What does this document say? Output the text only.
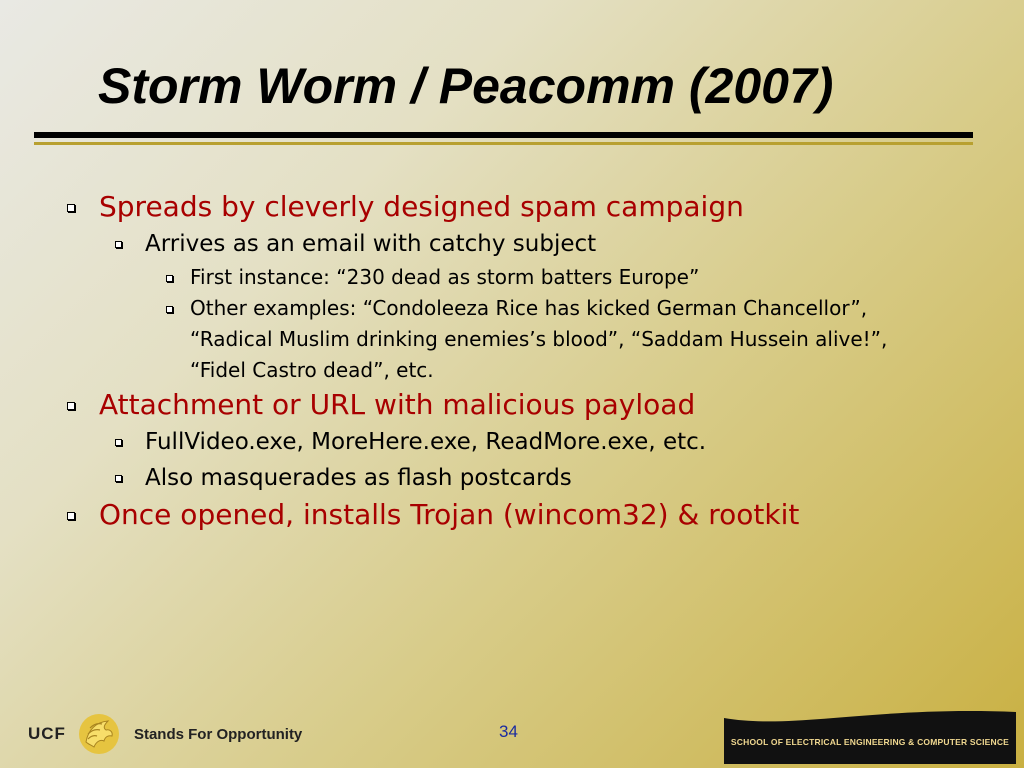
Storm Worm / Peacomm (2007)
Spreads by cleverly designed spam campaign
Arrives as an email with catchy subject
First instance: “230 dead as storm batters Europe”
Other examples: “Condoleeza Rice has kicked German Chancellor”,
“Radical Muslim drinking enemies’s blood”, “Saddam Hussein alive!”,
“Fidel Castro dead”, etc.
Attachment or URL with malicious payload
FullVideo.exe, MoreHere.exe, ReadMore.exe, etc.
Also masquerades as flash postcards
Once opened, installs Trojan (wincom32) & rootkit
UCF	Stands For Opportunity	34
SCHOOL OF ELECTRICAL ENGINEERING & COMPUTER SCIENCE
